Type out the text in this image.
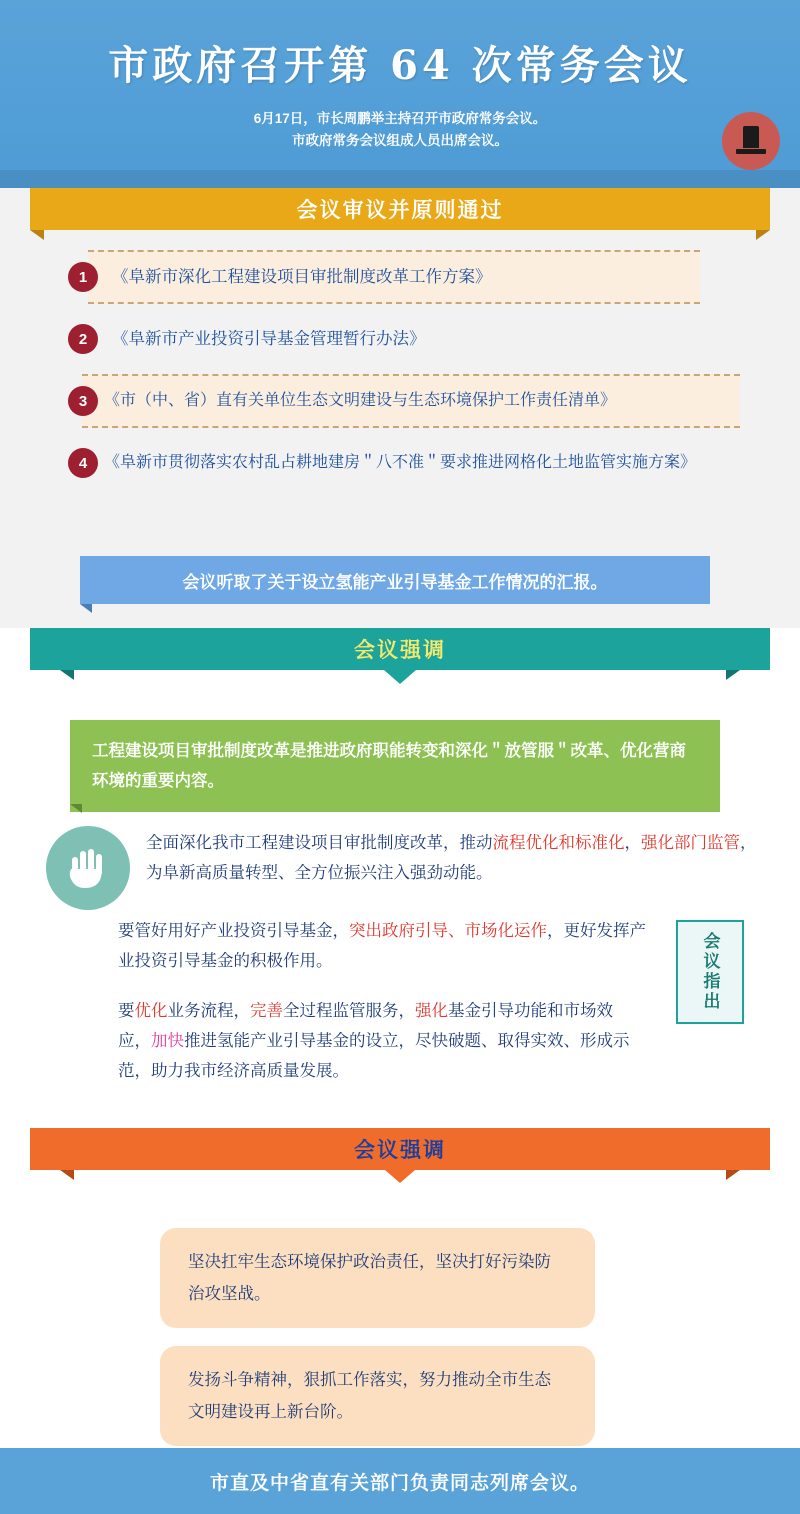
市政府召开第 64 次常务会议
6月17日，市长周鹏举主持召开市政府常务会议。
市政府常务会议组成人员出席会议。
会议审议并原则通过
1	《阜新市深化工程建设项目审批制度改革工作方案》
2	《阜新市产业投资引导基金管理暂行办法》
3	《市（中、省）直有关单位生态文明建设与生态环境保护工作责任清单》
4	《阜新市贯彻落实农村乱占耕地建房＂八不准＂要求推进网格化土地监管实施方案》
会议听取了关于设立氢能产业引导基金工作情况的汇报。
会议强调
工程建设项目审批制度改革是推进政府职能转变和深化＂放管服＂改革、优化营商环境的重要内容。
全面深化我市工程建设项目审批制度改革，推动流程优化和标准化，强化部门监管，为阜新高质量转型、全方位振兴注入强劲动能。
要管好用好产业投资引导基金，突出政府引导、市场化运作，更好发挥产业投资引导基金的积极作用。
要优化业务流程，完善全过程监管服务，强化基金引导功能和市场效应，加快推进氢能产业引导基金的设立，尽快破题、取得实效、形成示范，助力我市经济高质量发展。
会议指出
会议强调
坚决扛牢生态环境保护政治责任，坚决打好污染防治攻坚战。
发扬斗争精神，狠抓工作落实，努力推动全市生态文明建设再上新台阶。
市直及中省直有关部门负责同志列席会议。
